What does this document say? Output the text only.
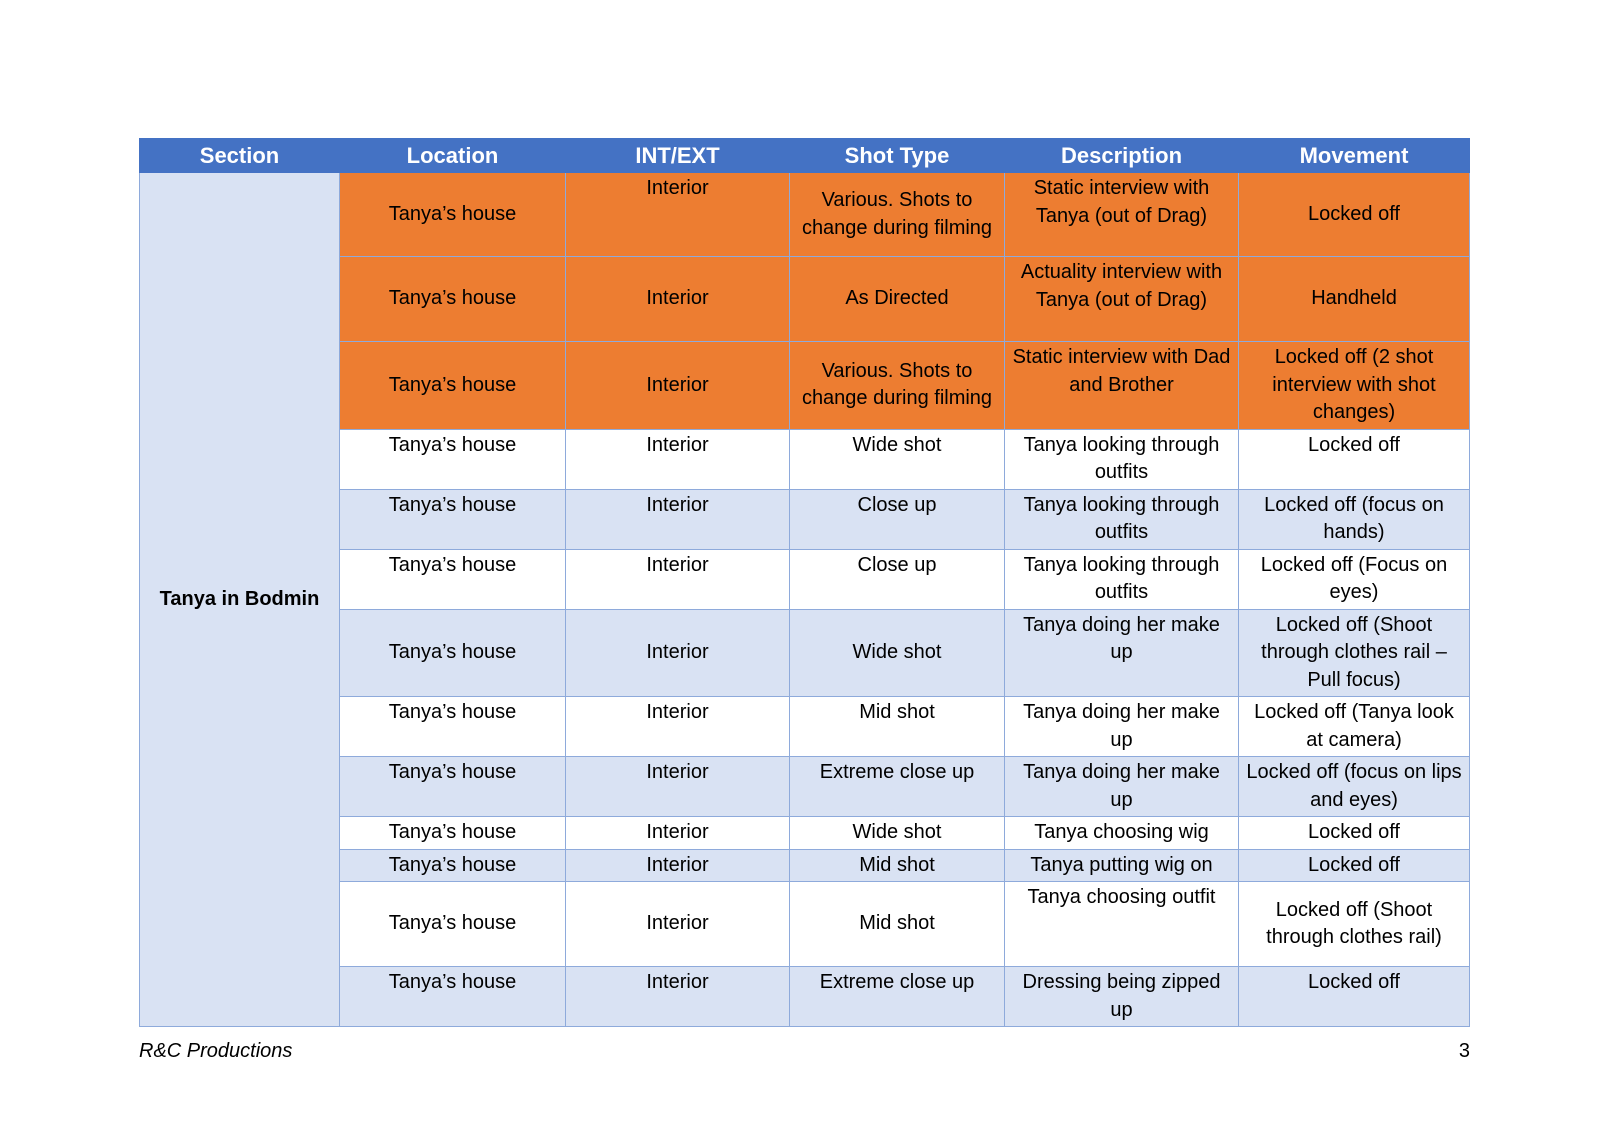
Section	Location	INT/EXT	Shot Type	Description	Movement
Tanya in Bodmin	Tanya’s house	Interior	Various. Shots to change during filming	Static interview with Tanya (out of Drag)	Locked off
	Tanya’s house	Interior	As Directed	Actuality interview with Tanya (out of Drag)	Handheld
	Tanya’s house	Interior	Various. Shots to change during filming	Static interview with Dad and Brother	Locked off (2 shot interview with shot changes)
	Tanya’s house	Interior	Wide shot	Tanya looking through outfits	Locked off
	Tanya’s house	Interior	Close up	Tanya looking through outfits	Locked off (focus on hands)
	Tanya’s house	Interior	Close up	Tanya looking through outfits	Locked off (Focus on eyes)
	Tanya’s house	Interior	Wide shot	Tanya doing her make up	Locked off (Shoot through clothes rail – Pull focus)
	Tanya’s house	Interior	Mid shot	Tanya doing her make up	Locked off (Tanya look at camera)
	Tanya’s house	Interior	Extreme close up	Tanya doing her make up	Locked off (focus on lips and eyes)
	Tanya’s house	Interior	Wide shot	Tanya choosing wig	Locked off
	Tanya’s house	Interior	Mid shot	Tanya putting wig on	Locked off
	Tanya’s house	Interior	Mid shot	Tanya choosing outfit	Locked off (Shoot through clothes rail)
	Tanya’s house	Interior	Extreme close up	Dressing being zipped up	Locked off
R&C Productions	3
